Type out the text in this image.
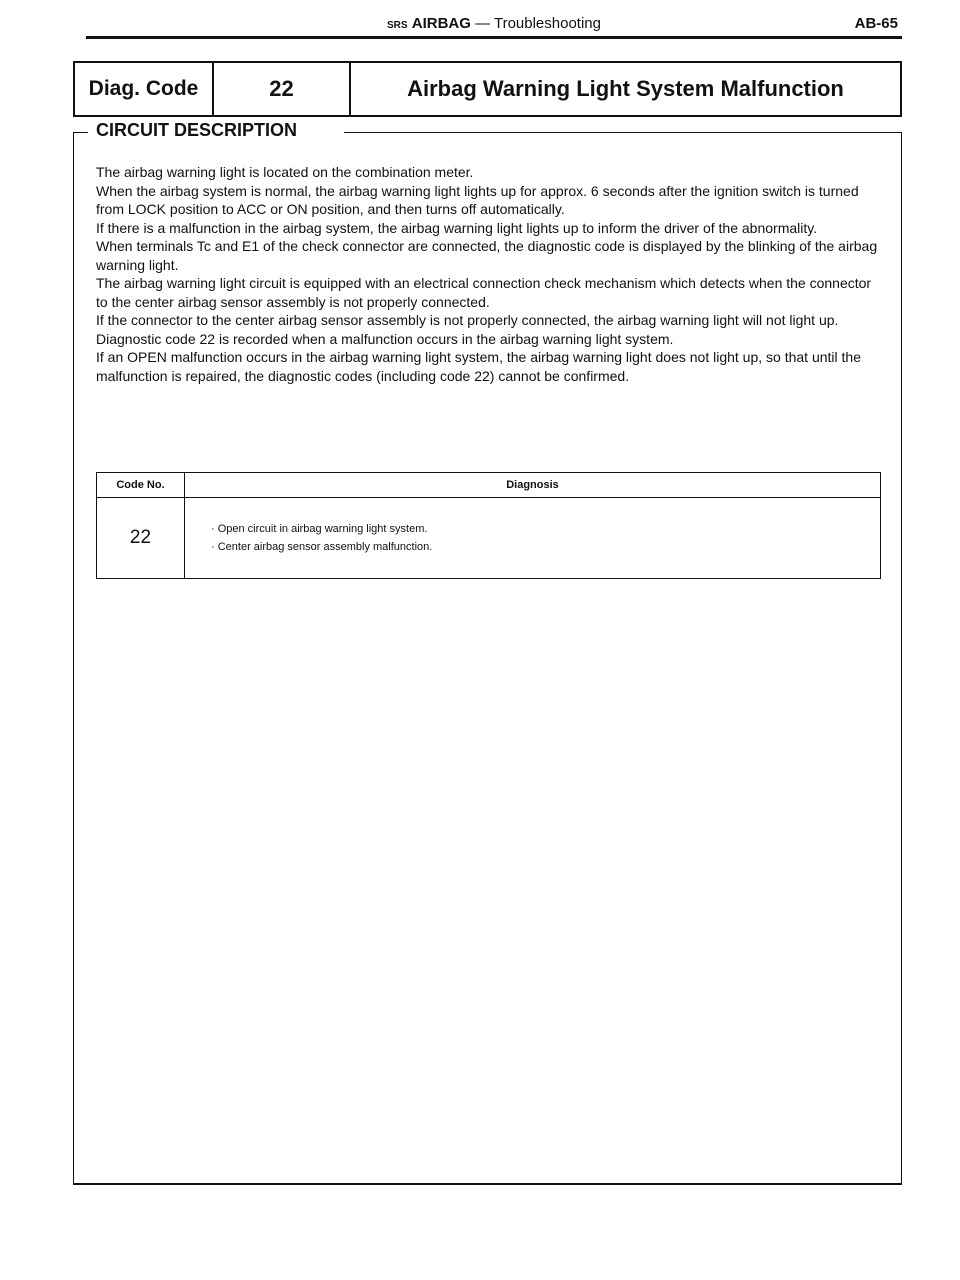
SRS AIRBAG — Troubleshooting	AB-65
Diag. Code	22	Airbag Warning Light System Malfunction
CIRCUIT DESCRIPTION

The airbag warning light is located on the combination meter.

When the airbag system is normal, the airbag warning light lights up for approx. 6 seconds after the ignition switch is turned from LOCK position to ACC or ON position, and then turns off automatically.

If there is a malfunction in the airbag system, the airbag warning light lights up to inform the driver of the abnormality.

When terminals Tc and E1 of the check connector are connected, the diagnostic code is displayed by the blinking of the airbag warning light.

The airbag warning light circuit is equipped with an electrical connection check mechanism which detects when the connector to the center airbag sensor assembly is not properly connected.

If the connector to the center airbag sensor assembly is not properly connected, the airbag warning light will not light up.

Diagnostic code 22 is recorded when a malfunction occurs in the airbag warning light system.

If an OPEN malfunction occurs in the airbag warning light system, the airbag warning light does not light up, so that until the malfunction is repaired, the diagnostic codes (including code 22) cannot be confirmed.

Code No.	Diagnosis
22	· Open circuit in airbag warning light system.
· Center airbag sensor assembly malfunction.
